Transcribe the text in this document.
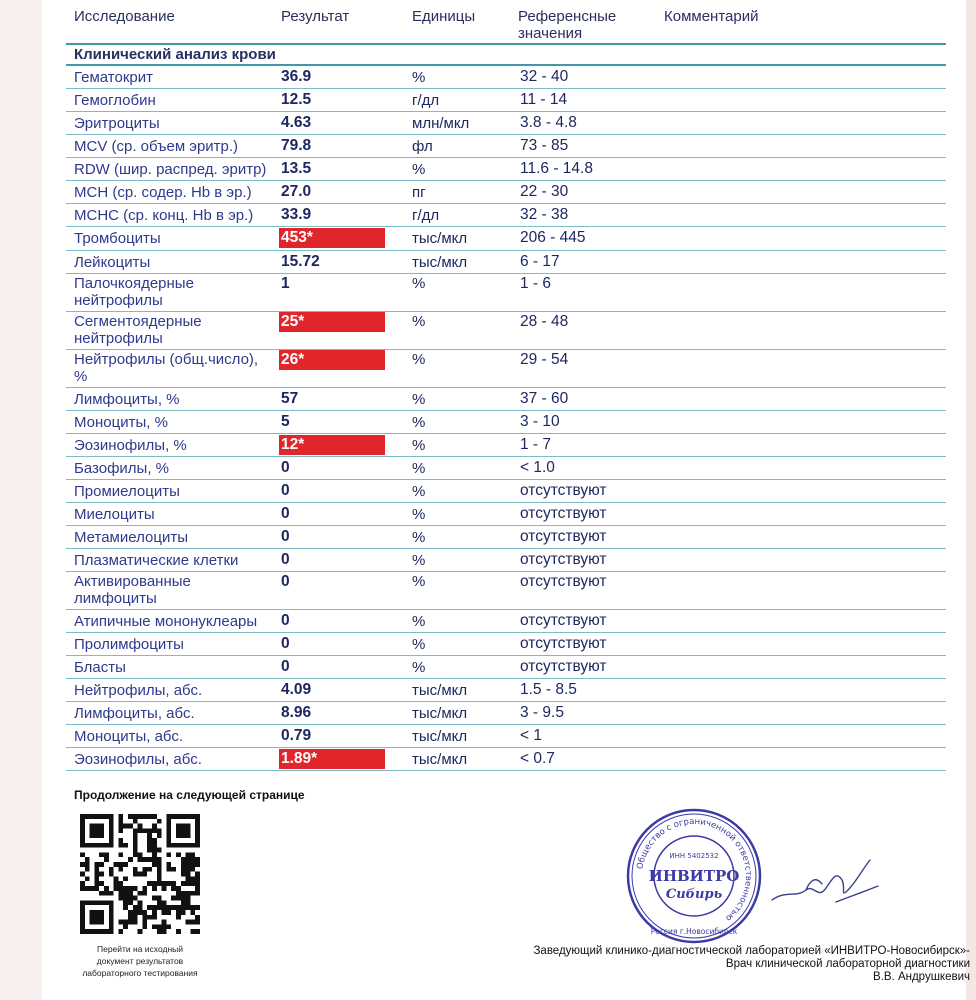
Исследование	Результат	Единицы	Референсные значения
Комментарий
Клинический анализ крови
Гематокрит	36.9	%	32 - 40
Гемоглобин	12.5	г/дл	11 - 14
Эритроциты	4.63	млн/мкл	3.8 - 4.8
MCV (ср. объем эритр.)	79.8	фл	73 - 85
RDW (шир. распред. эритр) 13.5	%	11.6 - 14.8
MCH (ср. содер. Hb в эр.)	27.0	пг	22 - 30
MCHC (ср. конц. Hb в эр.)	33.9	г/дл	32 - 38
Тромбоциты	453*	тыс/мкл	206 - 445
Лейкоциты	15.72	тыс/мкл	6 - 17
Палочкоядерные нейтрофилы
1	%	1 - 6
Сегментоядерные нейтрофилы
25*	%	28 - 48
Нейтрофилы (общ.число), %
26*	%	29 - 54
Лимфоциты, %	57	%	37 - 60
Моноциты, %	5	%	3 - 10
Эозинофилы, %	12*	%	1 - 7
Базофилы, %	0	%	< 1.0
Промиелоциты	0	%	отсутствуют
Миелоциты	0	%	отсутствуют
Метамиелоциты	0	%	отсутствуют
Плазматические клетки	0	%	отсутствуют
Активированные лимфоциты
0	%	отсутствуют
Атипичные мононуклеары	0	%	отсутствуют
Пролимфоциты	0	%	отсутствуют
Бласты	0	%	отсутствуют
Нейтрофилы, абс.	4.09	тыс/мкл	1.5 - 8.5
Лимфоциты, абс.	8.96	тыс/мкл	3 - 9.5
Моноциты, абс.	0.79	тыс/мкл	< 1
Эозинофилы, абс.	1.89*	тыс/мкл	< 0.7
Продолжение на следующей странице
Перейти на исходный
документ результатов
лабораторного тестирования
Общество с ограниченной ответственностью
ИНН 5402532
ИНВИТРО
Сибирь
Россия г.Новосибирск
Заведующий клинико-диагностической лабораторией «ИНВИТРО-Новосибирск»-
Врач клинической лабораторной диагностики
В.В. Андрушкевич
